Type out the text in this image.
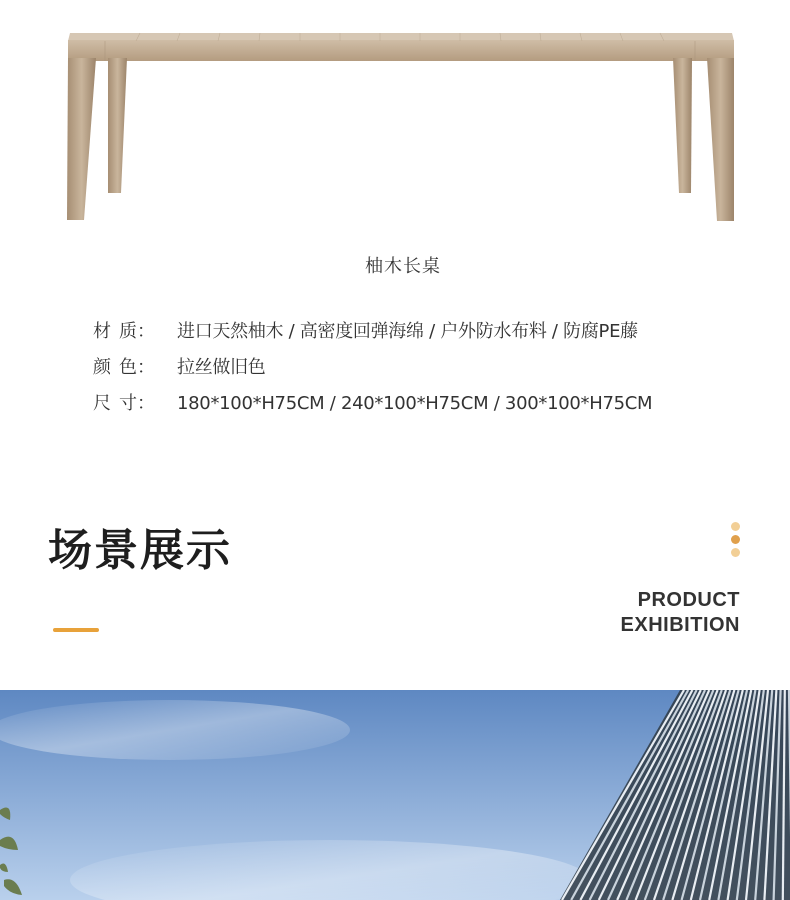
柚木长桌
材 质 ：	进口天然柚木 / 高密度回弹海绵 / 户外防水布料 / 防腐PE藤
颜 色 ：	拉丝做旧色
尺 寸 ：	180*100*H75CM / 240*100*H75CM / 300*100*H75CM
场景展示
PRODUCT
EXHIBITION
